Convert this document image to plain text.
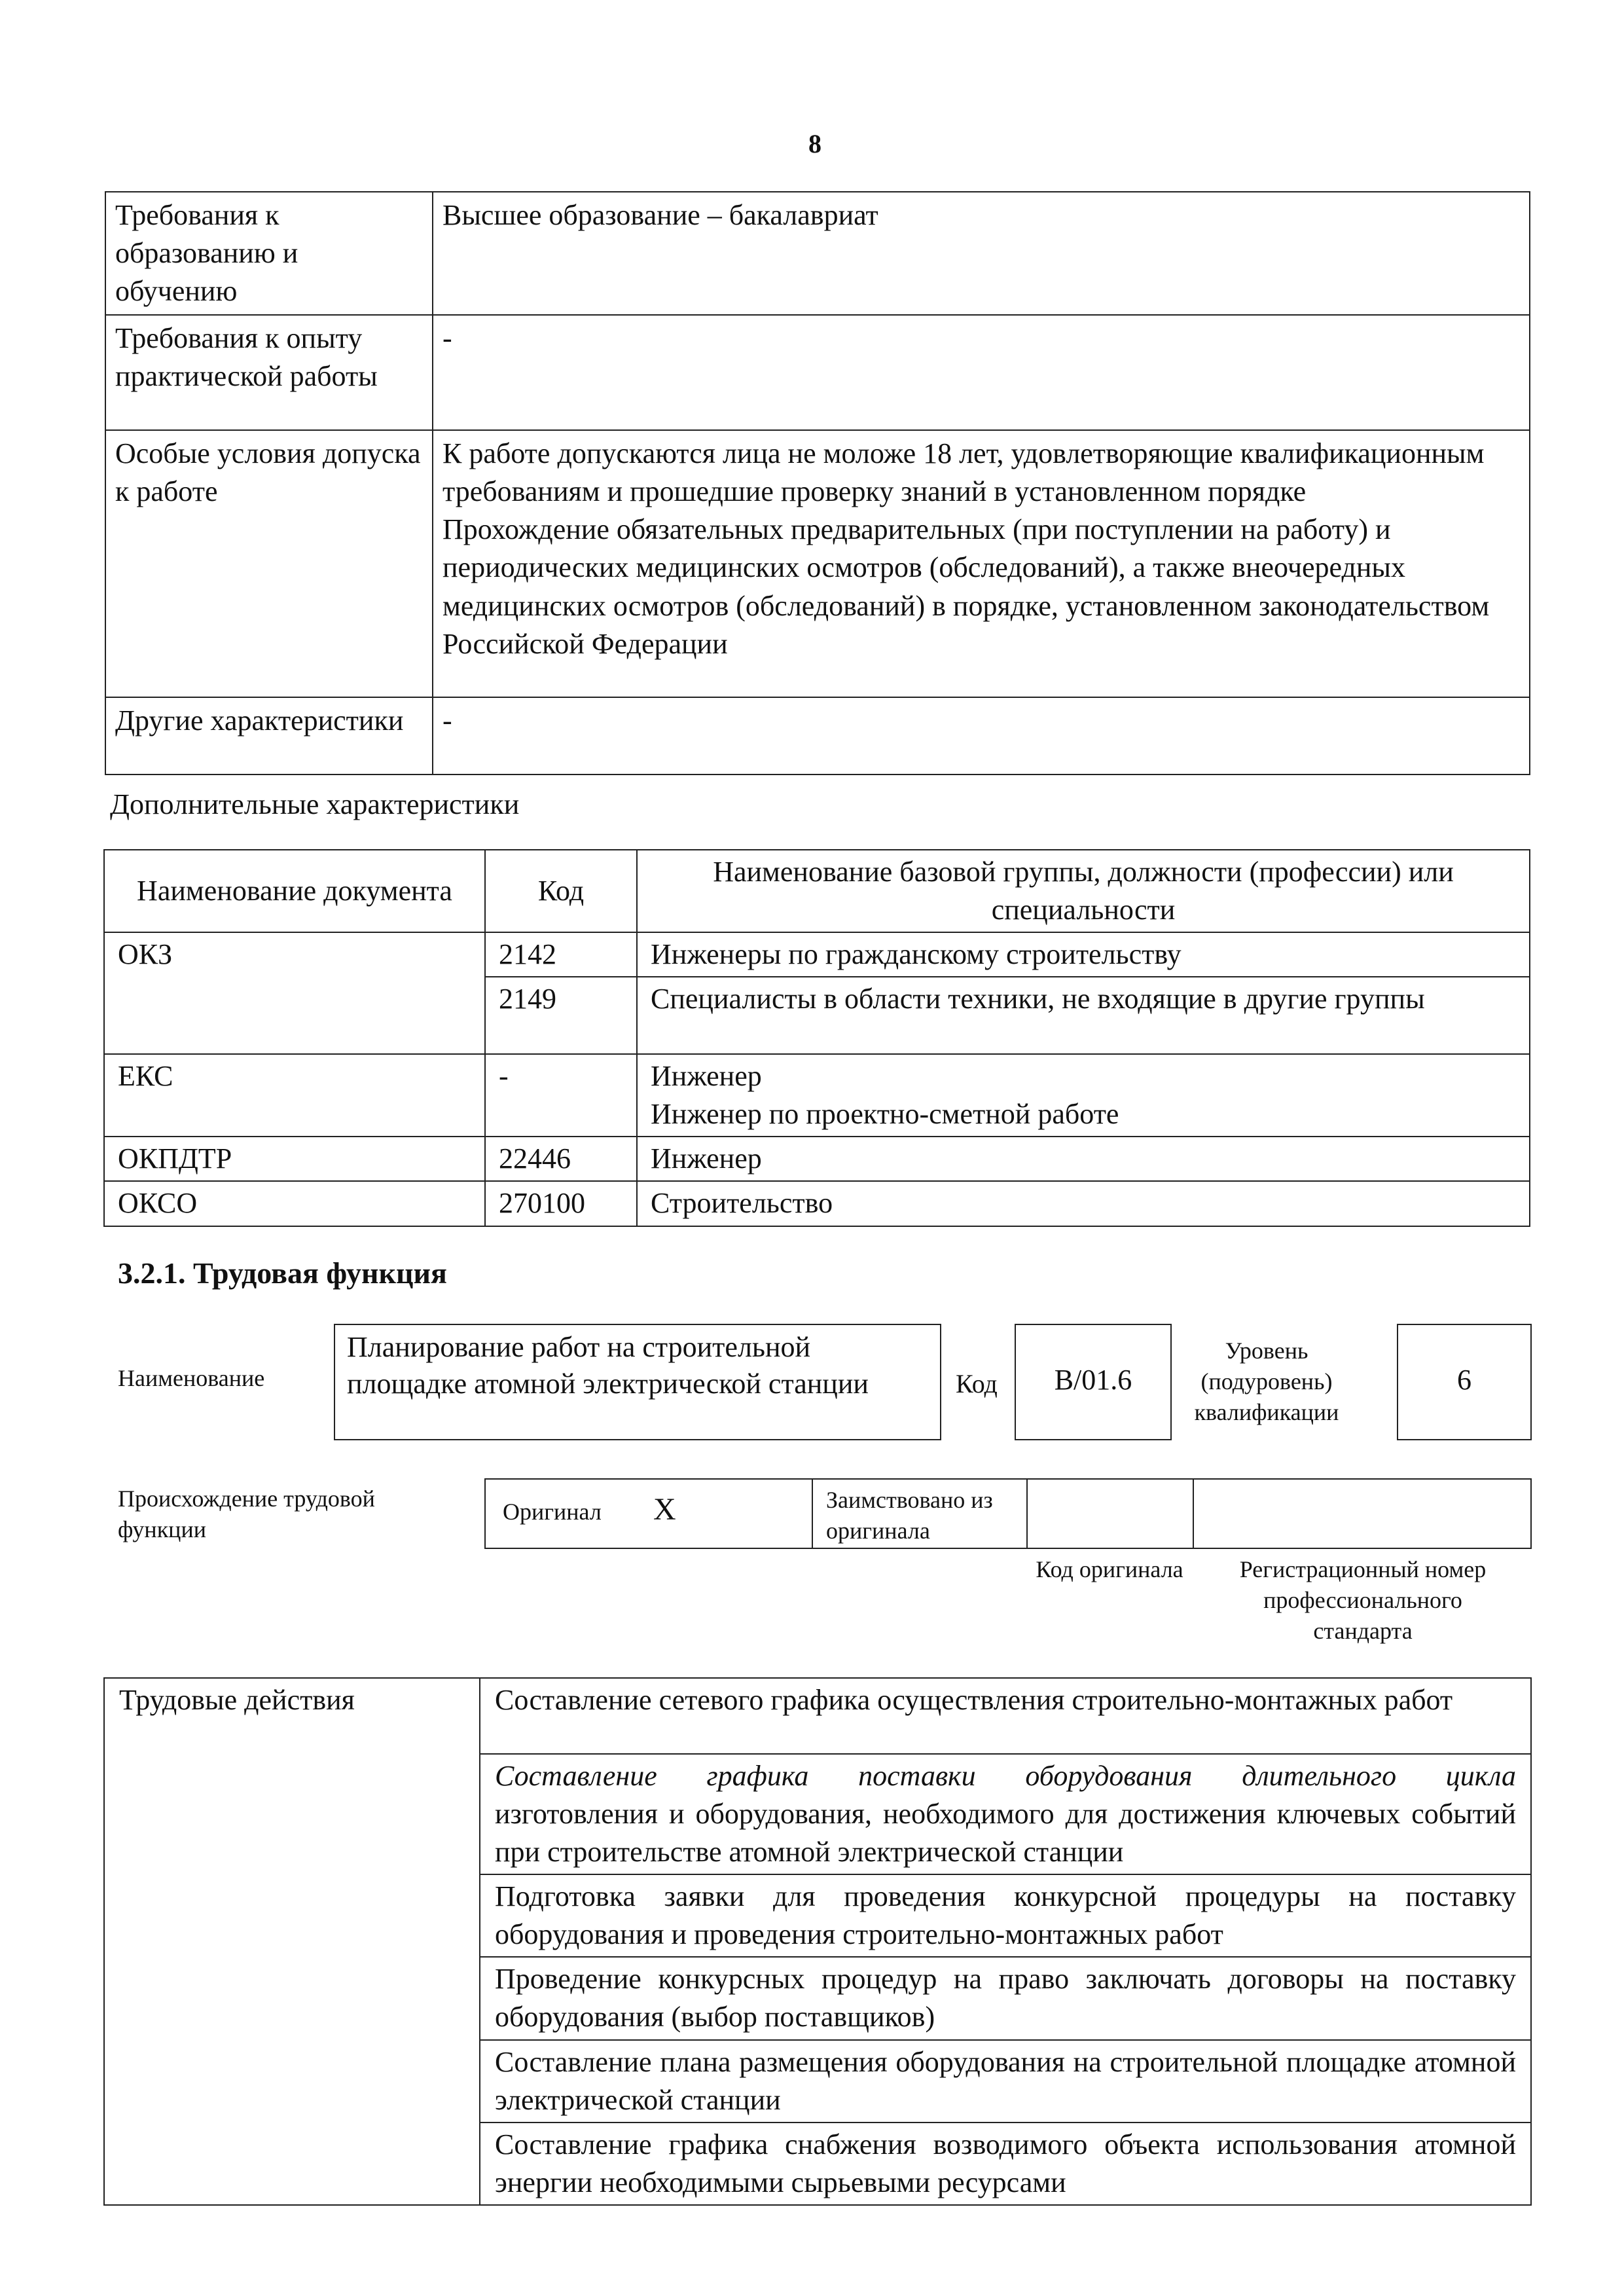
8
Требования к образованию и обучению	Высшее образование – бакалавриат
Требования к опыту практической работы	-
Особые условия допуска к работе	К работе допускаются лица не моложе 18 лет, удовлетворяющие квалификационным требованиям и прошедшие проверку знаний в установленном порядке
Прохождение обязательных предварительных (при поступлении на работу) и периодических медицинских осмотров (обследований), а также внеочередных медицинских осмотров (обследований) в порядке, установленном законодательством Российской Федерации

Другие характеристики	-
Дополнительные характеристики
Наименование документа	Код	Наименование базовой группы, должности (профессии) или специальности
ОКЗ	2142	Инженеры по гражданскому строительству
	2149	Специалисты в области техники, не входящие в другие группы
ЕКС	-	Инженер
Инженер по проектно-сметной работе

ОКПДТР	22446	Инженер
ОКСО	270100	Строительство
3.2.1. Трудовая функция
Наименование
Планирование работ на строительной площадке атомной электрической станции	Код	B/01.6
Уровень (подуровень) квалификации
6
Происхождение трудовой функции
Оригинал X	Заимствовано из оригинала
Код оригинала	Регистрационный номер профессионального стандарта
Трудовые действия	Составление сетевого графика осуществления строительно-монтажных работ

Составление графика поставки оборудования длительного цикла
изготовления и оборудования, необходимого для достижения ключевых событий при строительстве атомной электрической станции

Подготовка заявки для проведения конкурсной процедуры на поставку оборудования и проведения строительно-монтажных работ
Проведение конкурсных процедур на право заключать договоры на поставку оборудования (выбор поставщиков)
Составление плана размещения оборудования на строительной площадке атомной электрической станции
Составление графика снабжения возводимого объекта использования атомной энергии необходимыми сырьевыми ресурсами
